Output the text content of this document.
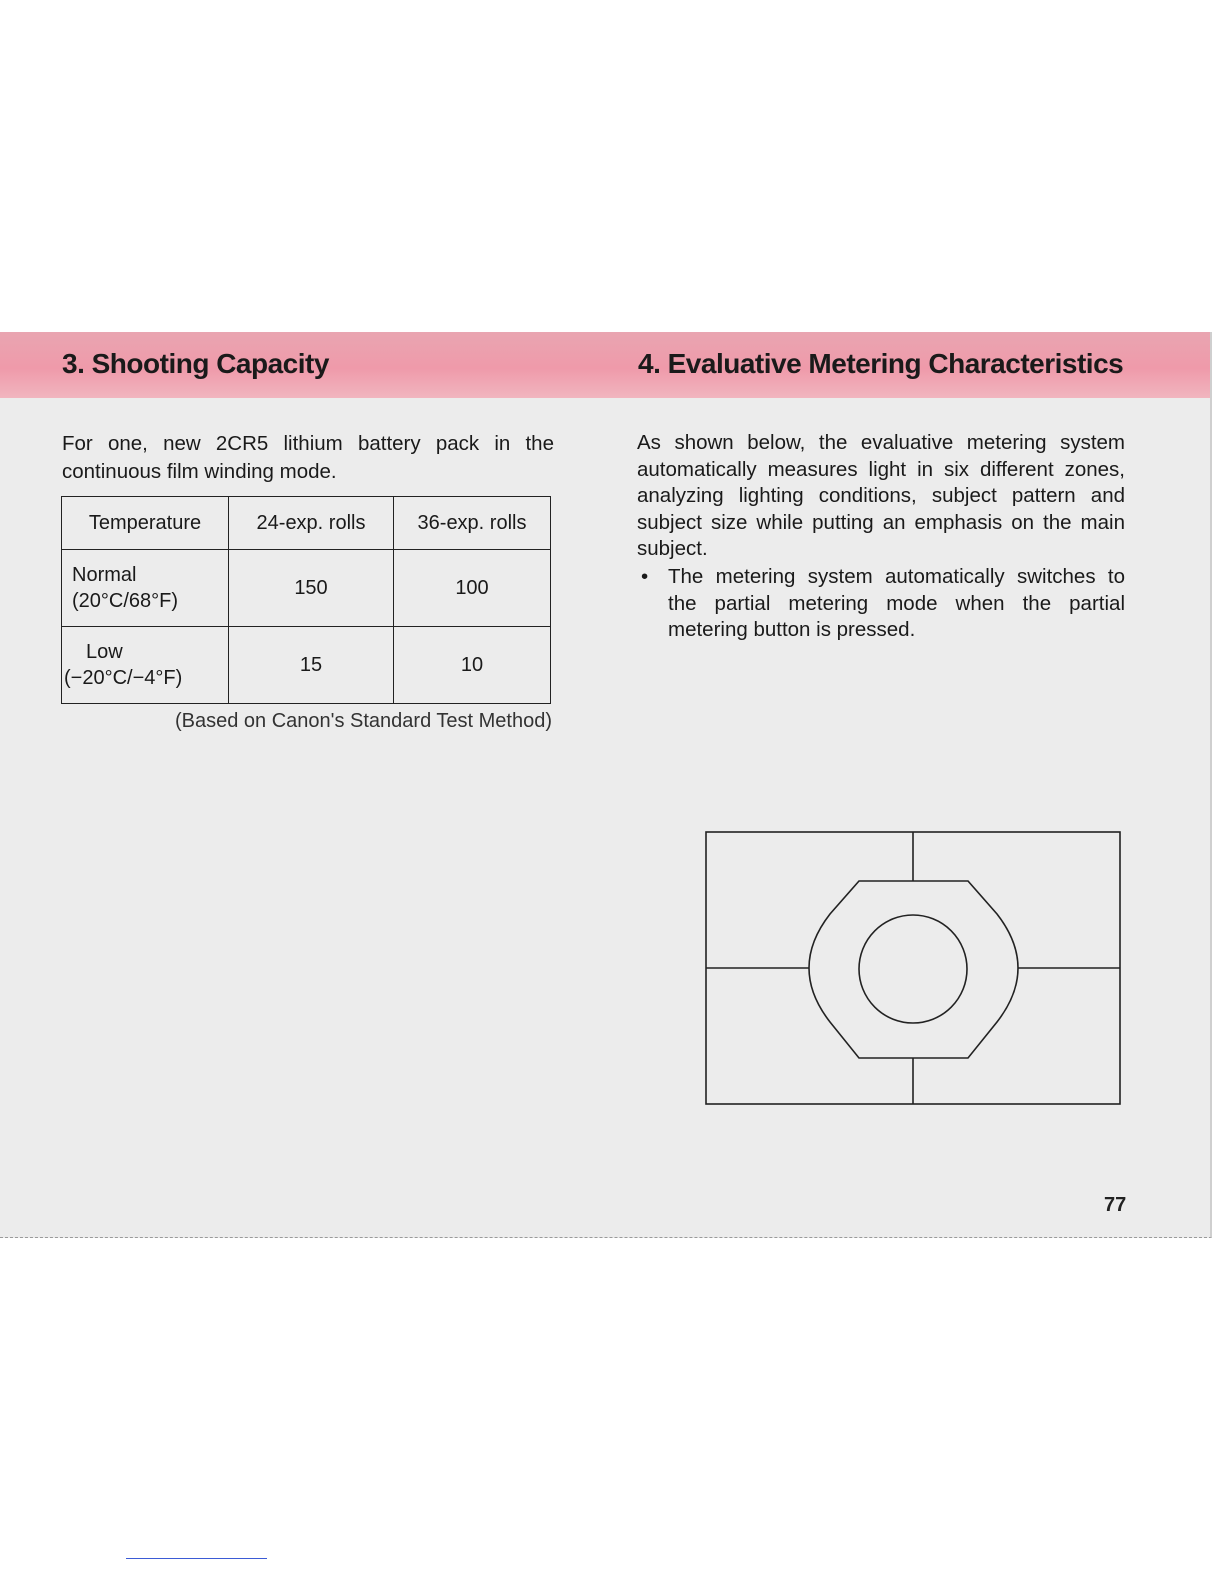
3. Shooting Capacity	4. Evaluative Metering Characteristics

For one, new 2CR5 lithium battery pack in the continuous film winding mode.

Temperature	24-exp. rolls	36-exp. rolls

Normal
(20°C/68°F)	150	100

Low
(−20°C/−4°F)	15	10

(Based on Canon's Standard Test Method)

As shown below, the evaluative metering system automatically measures light in six different zones, analyzing lighting conditions, subject pattern and subject size while putting an emphasis on the main subject.

• The metering system automatically switches to the partial metering mode when the partial metering button is pressed.
77
